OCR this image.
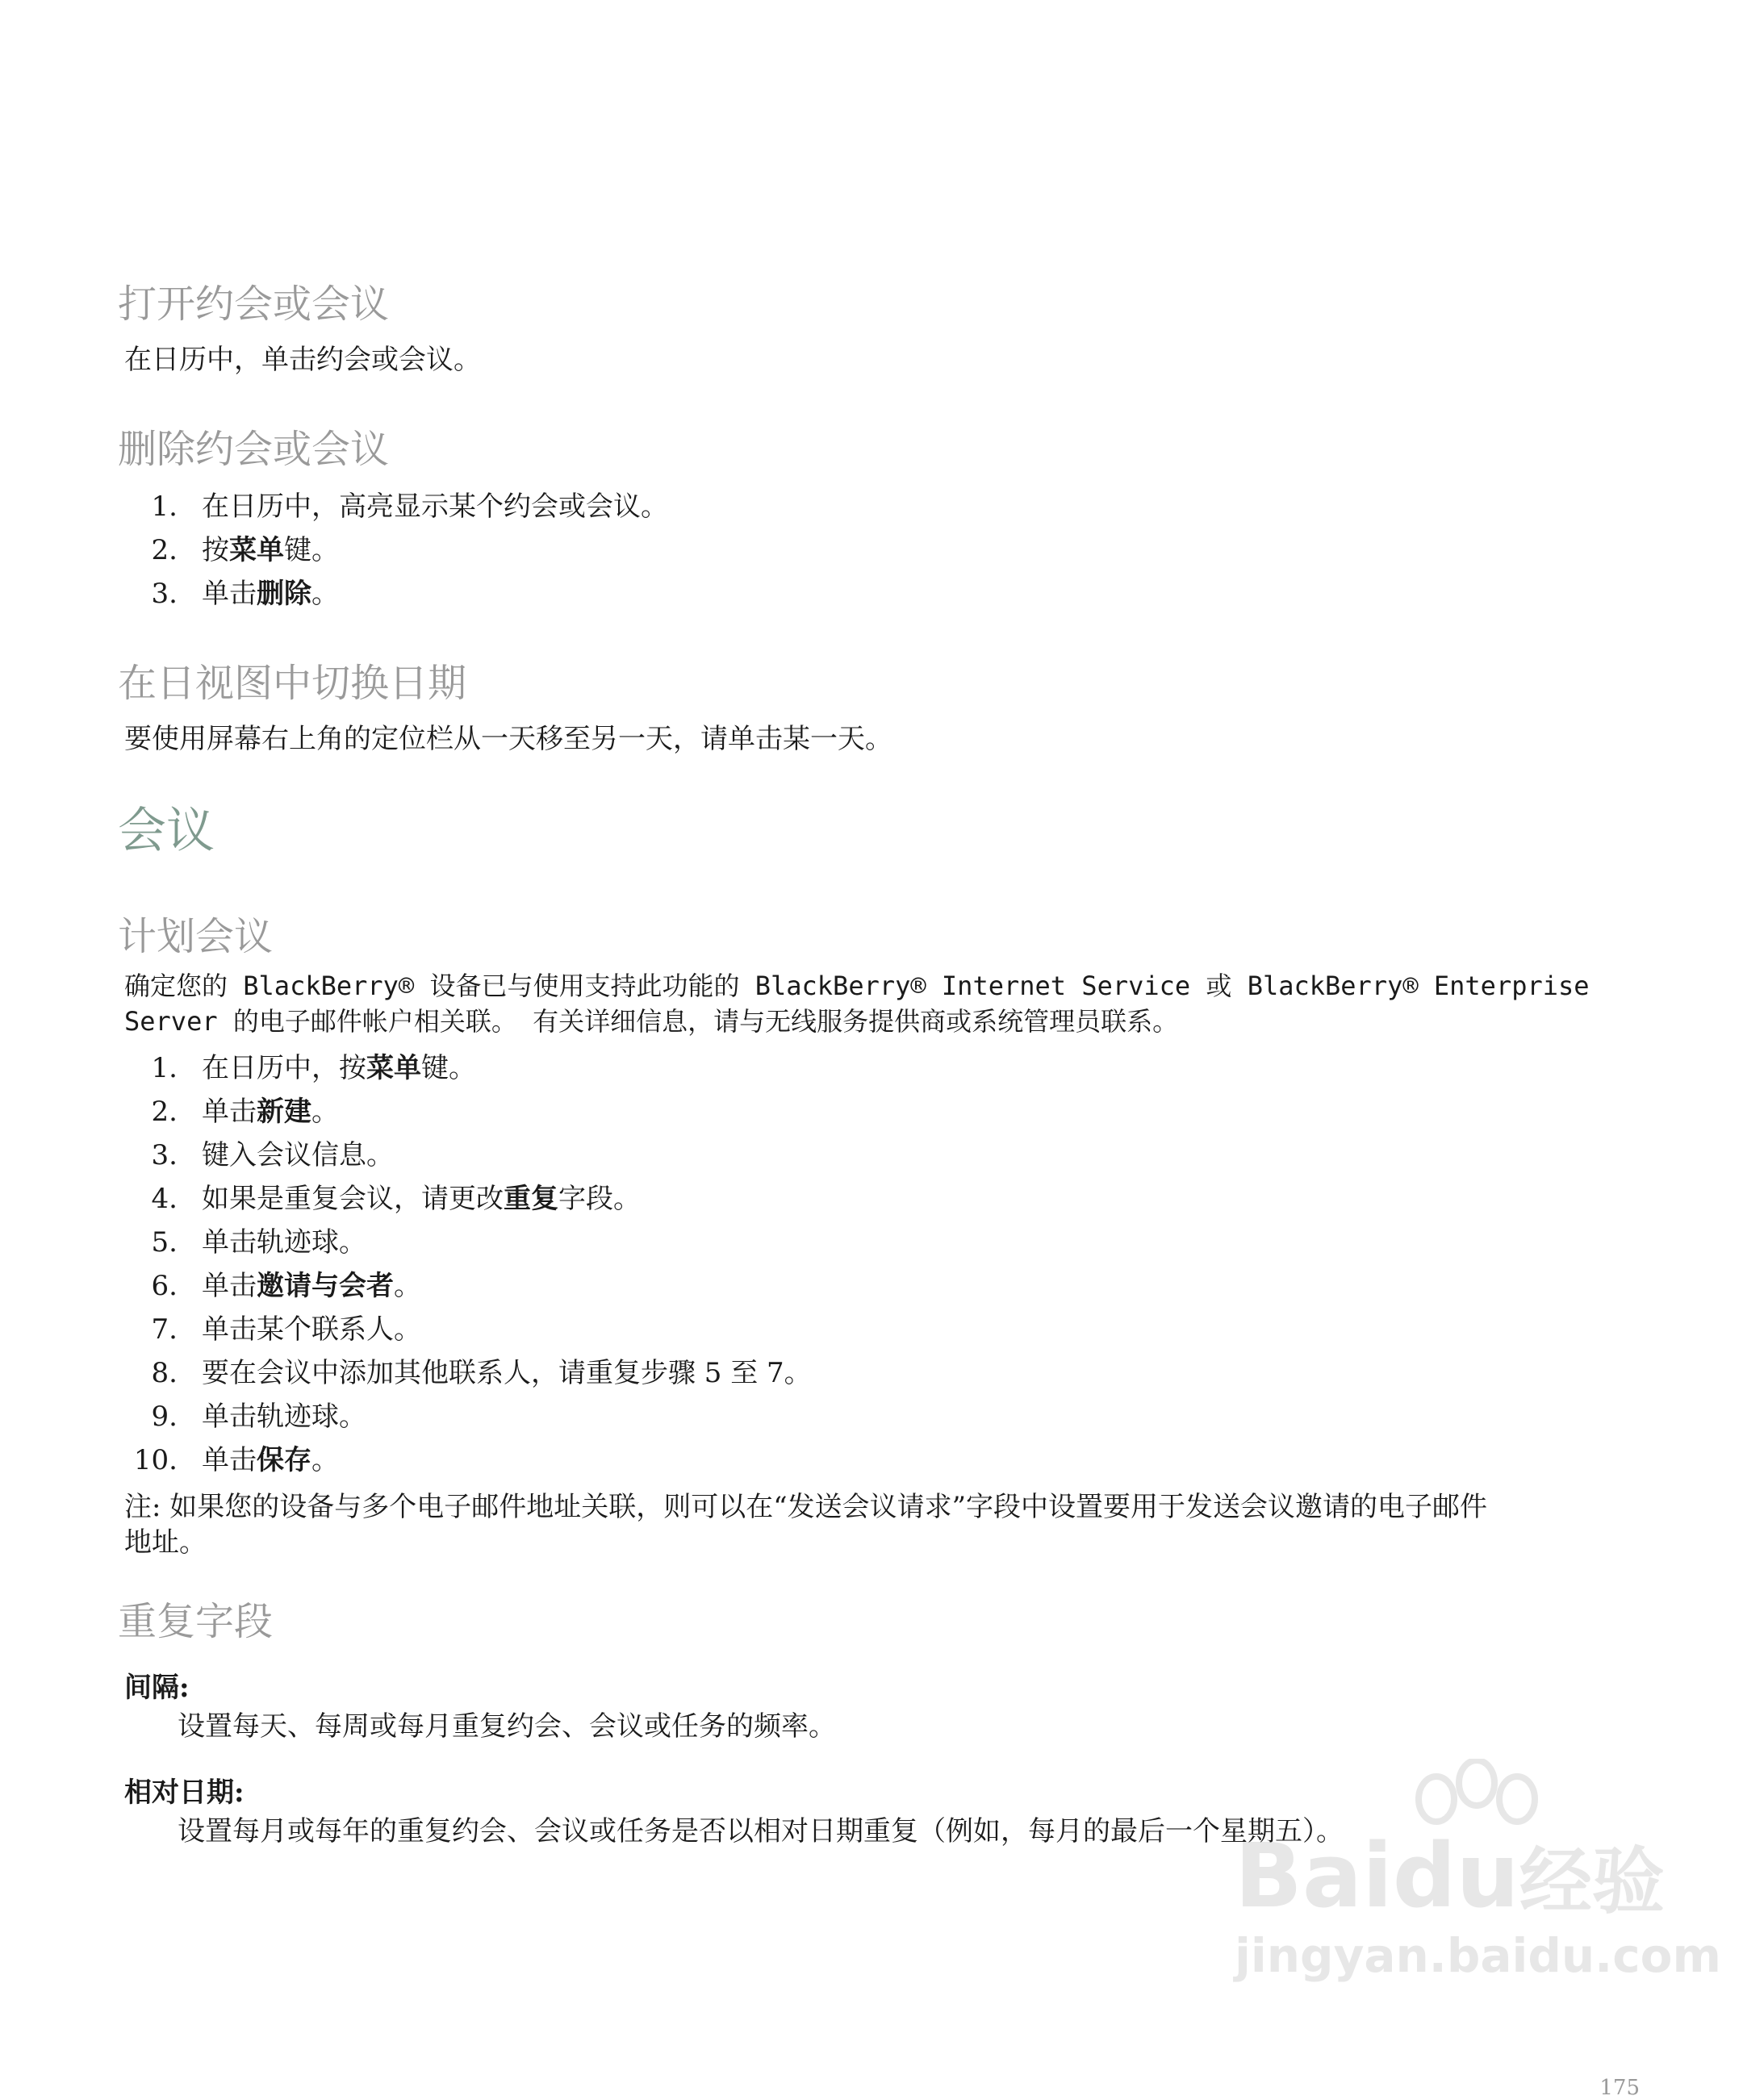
打开约会或会议
在日历中，单击约会或会议。
删除约会或会议
1. 在日历中，高亮显示某个约会或会议。
2. 按菜单键。
3. 单击删除。
在日视图中切换日期
要使用屏幕右上角的定位栏从一天移至另一天，请单击某一天。
会议
计划会议
确定您的 BlackBerry® 设备已与使用支持此功能的 BlackBerry® Internet Service 或 BlackBerry® Enterprise
Server 的电子邮件帐户相关联。 有关详细信息，请与无线服务提供商或系统管理员联系。
1. 在日历中，按菜单键。
2. 单击新建。
3. 键入会议信息。
4. 如果是重复会议，请更改重复字段。
5. 单击轨迹球。
6. 单击邀请与会者。
7. 单击某个联系人。
8. 要在会议中添加其他联系人，请重复步骤 5 至 7。
9. 单击轨迹球。
10. 单击保存。
注: 如果您的设备与多个电子邮件地址关联，则可以在“发送会议请求”字段中设置要用于发送会议邀请的电子邮件
地址。
重复字段
间隔:
设置每天、每周或每月重复约会、会议或任务的频率。
相对日期:
设置每月或每年的重复约会、会议或任务是否以相对日期重复（例如，每月的最后一个星期五）。
Baidu经验
jingyan.baidu.com
175
